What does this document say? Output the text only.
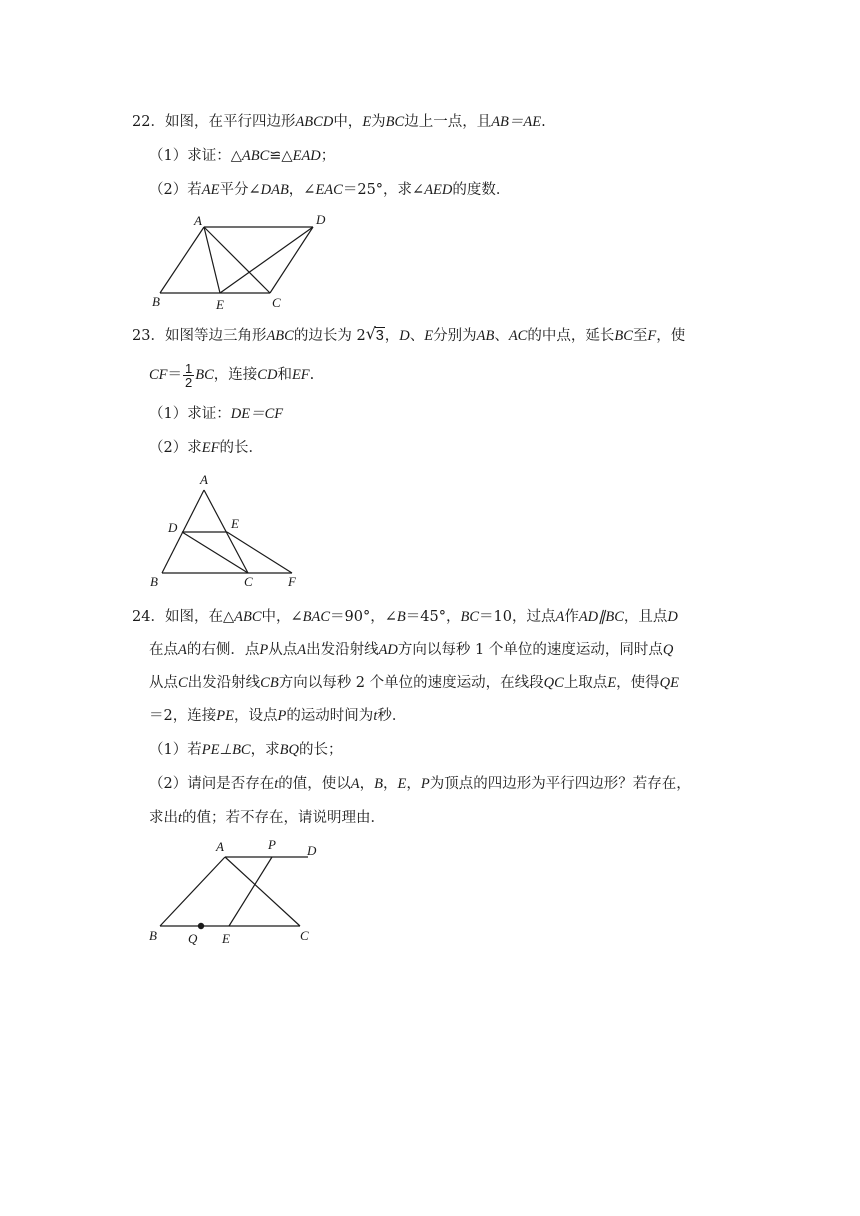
22．如图，在平行四边形ABCD中，E为BC边上一点，且AB＝AE.
（1）求证：△ABC≌△EAD；
（2）若AE平分∠DAB，∠EAC＝25°，求∠AED的度数．
A	D
B	E	C
23．如图等边三角形ABC的边长为 2 √ 3，D、E分别为AB、AC的中点，延长BC至F，使
$CF= \frac{1}{2}$ BC，连接CD和EF.
（1）求证：DE＝CF
（2）求EF的长．
A
D	E
B	C	F
24．如图，在△ABC中，∠BAC＝90°，∠B＝45°，BC＝10，过点A作AD∥BC，且点D
在点A的右侧．点P从点A出发沿射线AD方向以每秒 1 个单位的速度运动，同时点Q
从点C出发沿射线CB方向以每秒 2 个单位的速度运动，在线段QC上取点E，使得QE
＝2，连接PE，设点P的运动时间为t秒．
（1）若PE⊥BC，求BQ的长；
（2）请问是否存在t的值，使以A，B，E，P为顶点的四边形为平行四边形？若存在，
求出t的值；若不存在，请说明理由．
A	P D
B Q E	C
